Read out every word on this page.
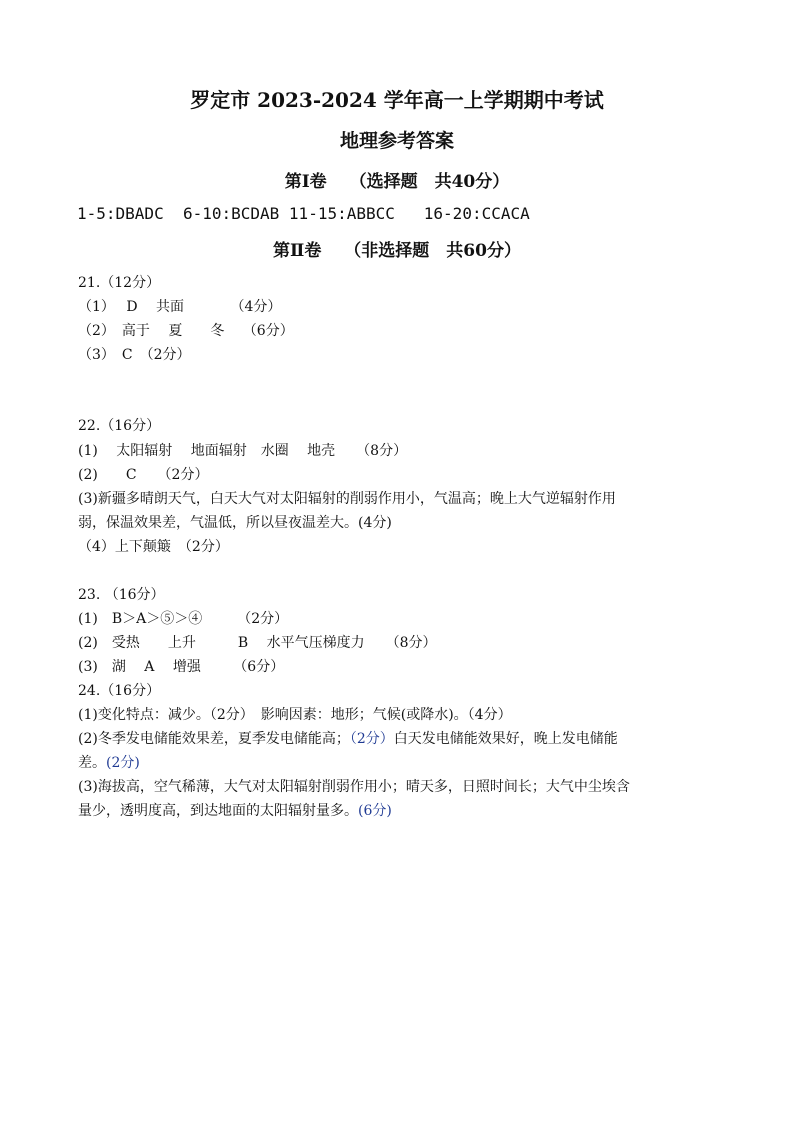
罗定市 2023-2024 学年高一上学期期中考试
地理参考答案
第Ⅰ卷　 （选择题　共40分）
1-5:DBADC  6-10:BCDAB 11-15:ABBCC   16-20:CCACA
第Ⅱ卷　 （非选择题　共60分）
21.（12分）
（1）　 D　 共面　　　 （4分）
（2）　高于　 夏　　冬　 （6分）
（3）　C　（2分）
22.（16分）
(1)　 太阳辐射　 地面辐射　水圈　 地壳　　（8分）
(2)　　C　　（2分）
(3)新疆多晴朗天气，白天大气对太阳辐射的削弱作用小，气温高；晚上大气逆辐射作用
弱，保温效果差，气温低，所以昼夜温差大。(4分)
（4）上下颠簸　（2分）
23. （16分）
(1)　B＞A＞⑤＞④　　　（2分）
(2)　受热　　上升　　　B　 水平气压梯度力　　（8分）
(3)　湖　 A　 增强　　 （6分）
24.（16分）
(1)变化特点：减少。（2分）　影响因素：地形；气候(或降水)。（4分）
(2)冬季发电储能效果差，夏季发电储能高；（2分）白天发电储能效果好，晚上发电储能
差。(2分)
(3)海拔高，空气稀薄，大气对太阳辐射削弱作用小；晴天多，日照时间长；大气中尘埃含
量少，透明度高，到达地面的太阳辐射量多。(6分)
